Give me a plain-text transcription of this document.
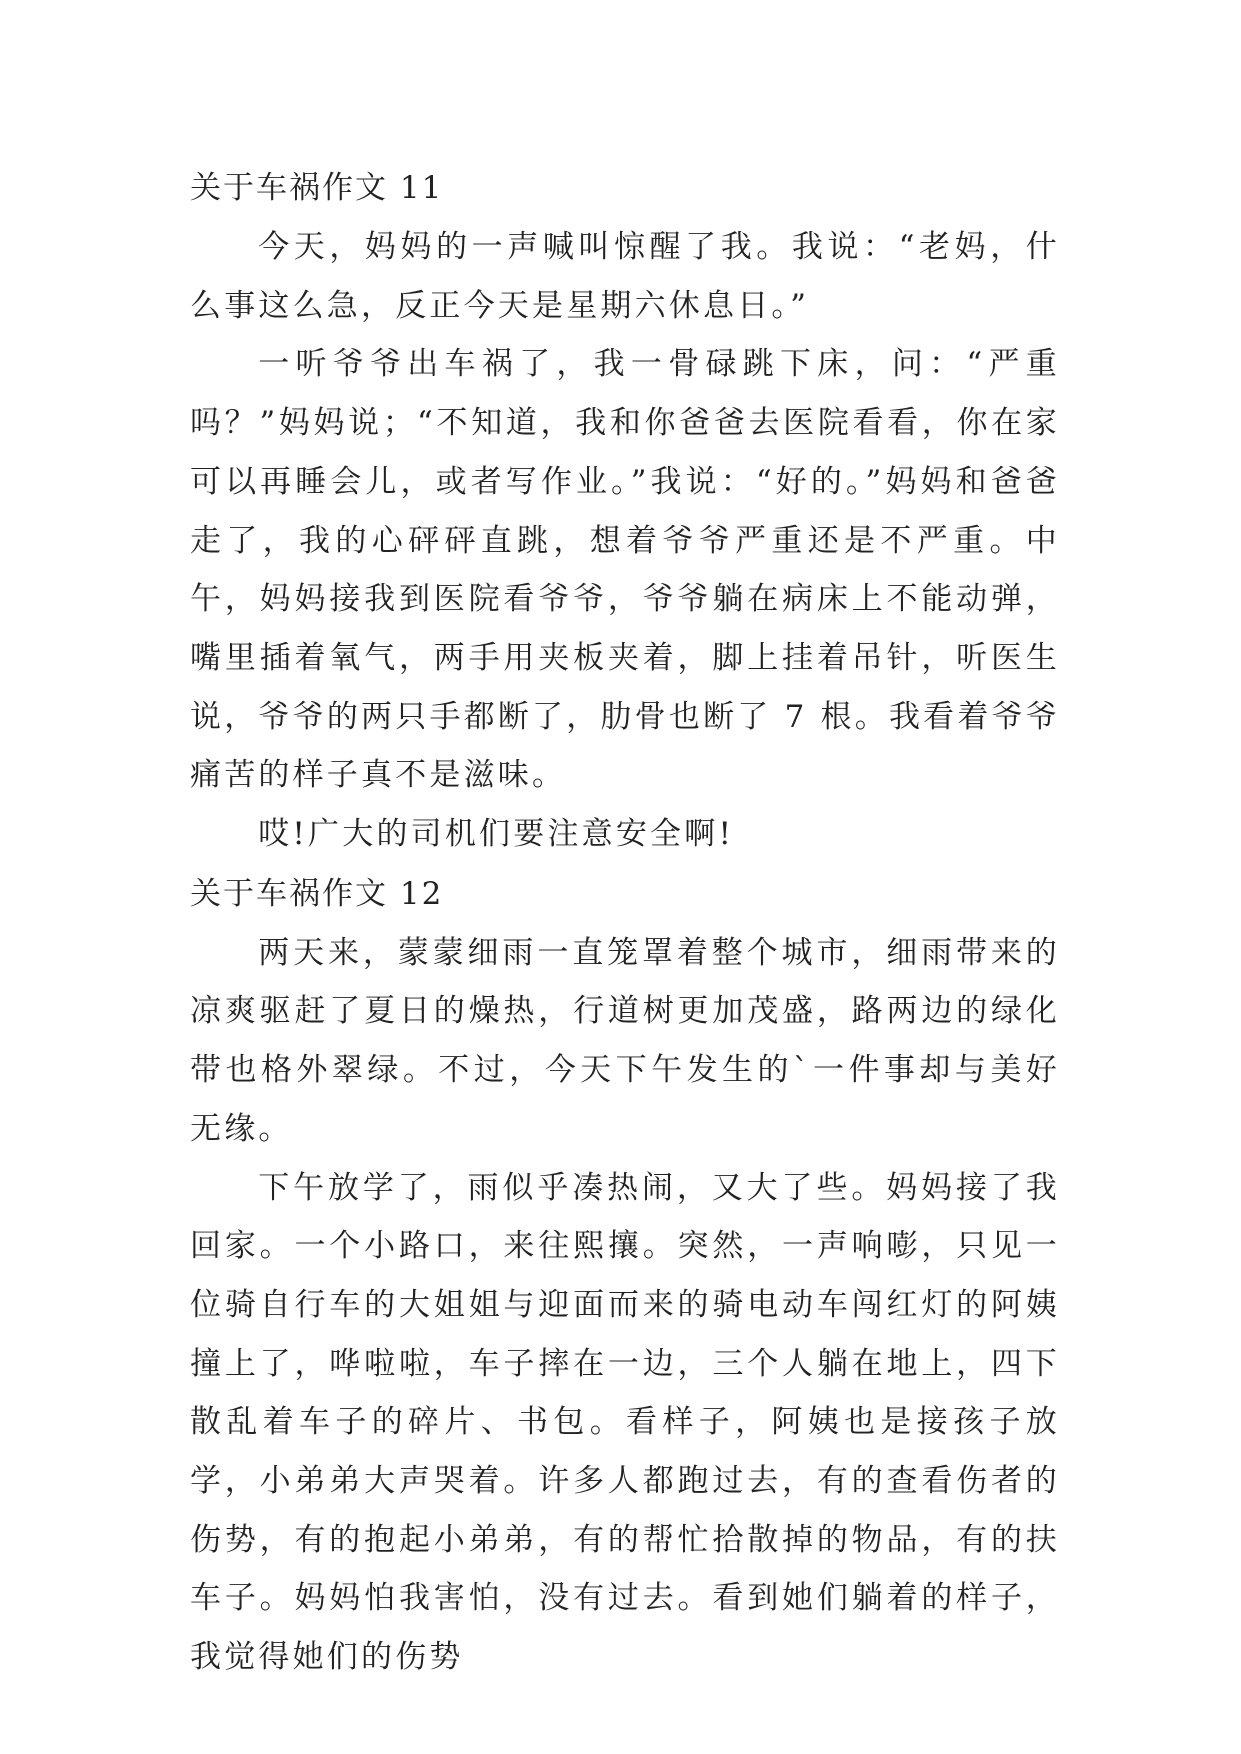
关于车祸作文 11

今天，妈妈的一声喊叫惊醒了我。我说：“老妈，什么事这么急，反正今天是星期六休息日。”

一听爷爷出车祸了，我一骨碌跳下床，问：“严重吗？”妈妈说；“不知道，我和你爸爸去医院看看，你在家可以再睡会儿，或者写作业。”我说：“好的。”妈妈和爸爸走了，我的心砰砰直跳，想着爷爷严重还是不严重。中午，妈妈接我到医院看爷爷，爷爷躺在病床上不能动弹，嘴里插着氧气，两手用夹板夹着，脚上挂着吊针，听医生说，爷爷的两只手都断了，肋骨也断了 7 根。我看着爷爷痛苦的样子真不是滋味。

哎!广大的司机们要注意安全啊!

关于车祸作文 12

两天来，蒙蒙细雨一直笼罩着整个城市，细雨带来的凉爽驱赶了夏日的燥热，行道树更加茂盛，路两边的绿化带也格外翠绿。不过，今天下午发生的`一件事却与美好无缘。

下午放学了，雨似乎凑热闹，又大了些。妈妈接了我回家。一个小路口，来往熙攘。突然，一声响嘭，只见一位骑自行车的大姐姐与迎面而来的骑电动车闯红灯的阿姨撞上了，哗啦啦，车子摔在一边，三个人躺在地上，四下散乱着车子的碎片、书包。看样子，阿姨也是接孩子放学，小弟弟大声哭着。许多人都跑过去，有的查看伤者的伤势，有的抱起小弟弟，有的帮忙拾散掉的物品，有的扶车子。妈妈怕我害怕，没有过去。看到她们躺着的样子，我觉得她们的伤势
